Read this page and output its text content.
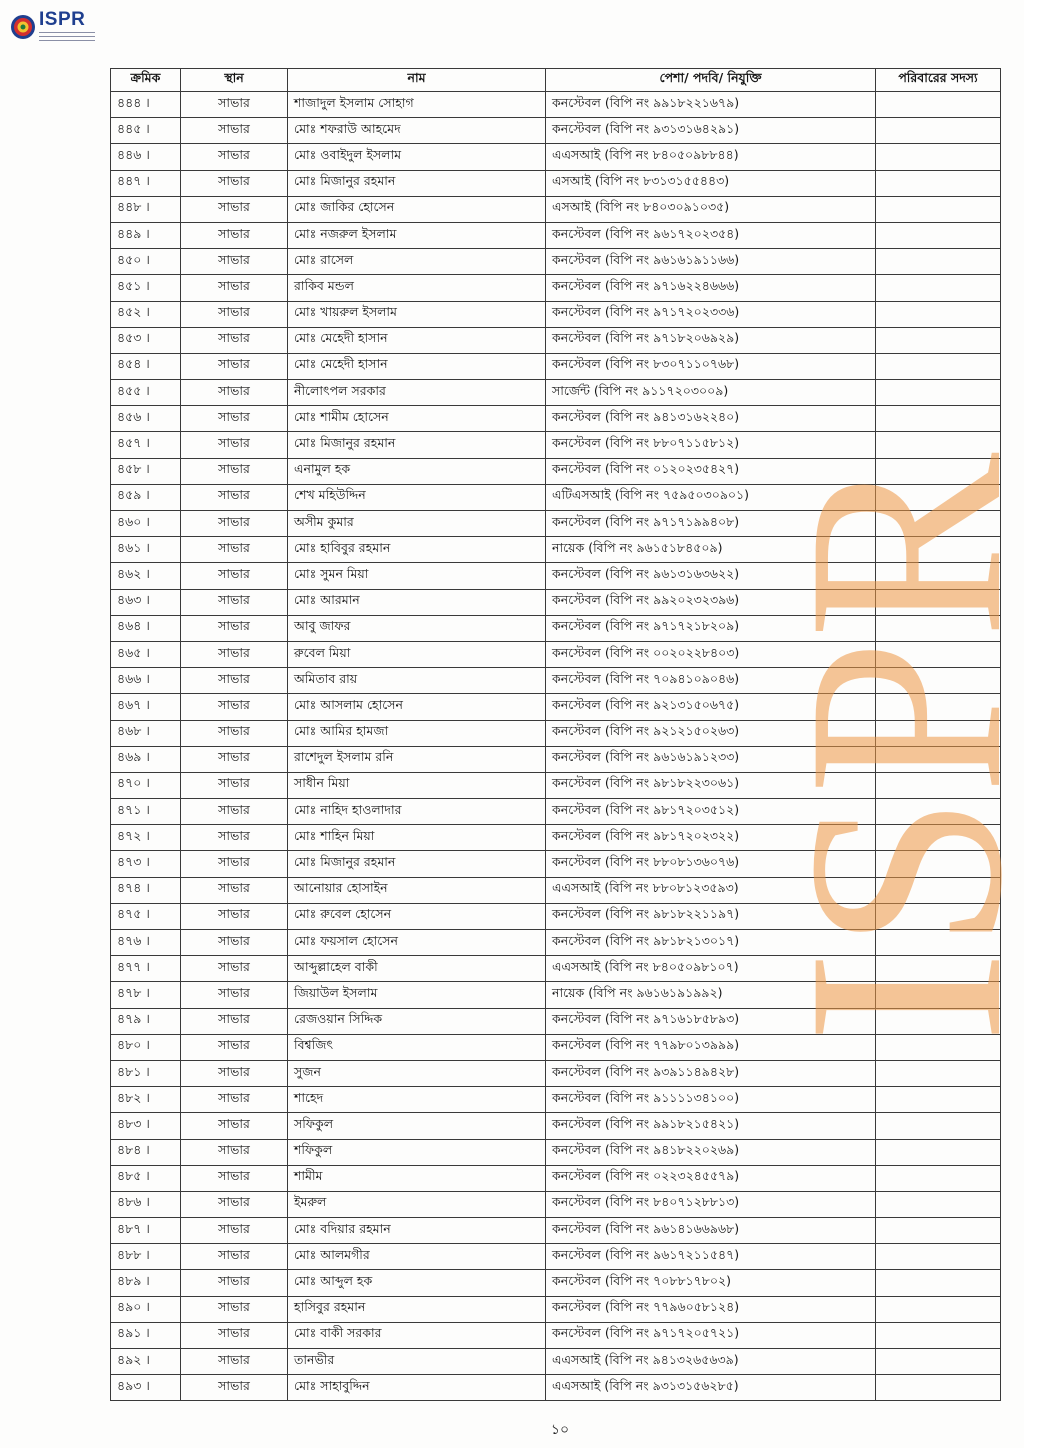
ISPR
ক্রমিক	স্থান	নাম	পেশা/ পদবি/ নিযুক্তি	পরিবারের সদস্য
৪৪৪ ।	সাভার	শাজাদুল ইসলাম সোহাগ	কনস্টেবল (বিপি নং ৯৯১৮২২১৬৭৯)	
৪৪৫ ।	সাভার	মোঃ শফরাউ আহমেদ	কনস্টেবল (বিপি নং ৯৩১৩১৬৪২৯১)	
৪৪৬ ।	সাভার	মোঃ ওবাইদুল ইসলাম	এএসআই (বিপি নং ৮৪০৫০৯৮৮৪৪)	
৪৪৭ ।	সাভার	মোঃ মিজানুর রহমান	এসআই (বিপি নং ৮৩১৩১৫৫৪৪৩)	
৪৪৮ ।	সাভার	মোঃ জাকির হোসেন	এসআই (বিপি নং ৮৪০৩০৯১০৩৫)	
৪৪৯ ।	সাভার	মোঃ নজরুল ইসলাম	কনস্টেবল (বিপি নং ৯৬১৭২০২৩৫৪)	
৪৫০ ।	সাভার	মোঃ রাসেল	কনস্টেবল (বিপি নং ৯৬১৬১৯১১৬৬)	
৪৫১ ।	সাভার	রাকিব মন্ডল	কনস্টেবল (বিপি নং ৯৭১৬২২৪৬৬৬)	
৪৫২ ।	সাভার	মোঃ খায়রুল ইসলাম	কনস্টেবল (বিপি নং ৯৭১৭২০২৩৩৬)	
৪৫৩ ।	সাভার	মোঃ মেহেদী হাসান	কনস্টেবল (বিপি নং ৯৭১৮২০৬৯২৯)	
৪৫৪ ।	সাভার	মোঃ মেহেদী হাসান	কনস্টেবল (বিপি নং ৮৩০৭১১০৭৬৮)	
৪৫৫ ।	সাভার	নীলোৎপল সরকার	সার্জেন্ট (বিপি নং ৯১১৭২০৩০০৯)	
৪৫৬ ।	সাভার	মোঃ শামীম হোসেন	কনস্টেবল (বিপি নং ৯৪১৩১৬২২৪০)	
৪৫৭ ।	সাভার	মোঃ মিজানুর রহমান	কনস্টেবল (বিপি নং ৮৮০৭১১৫৮১২)	
৪৫৮ ।	সাভার	এনামুল হক	কনস্টেবল (বিপি নং ০১২০২৩৫৪২৭)	
৪৫৯ ।	সাভার	শেখ মহিউদ্দিন	এটিএসআই (বিপি নং ৭৫৯৫০৩০৯০১)	
৪৬০ ।	সাভার	অসীম কুমার	কনস্টেবল (বিপি নং ৯৭১৭১৯৯৪০৮)	
৪৬১ ।	সাভার	মোঃ হাবিবুর রহমান	নায়েক (বিপি নং ৯৬১৫১৮৪৫০৯)	
৪৬২ ।	সাভার	মোঃ সুমন মিয়া	কনস্টেবল (বিপি নং ৯৬১৩১৬৩৬২২)	
৪৬৩ ।	সাভার	মোঃ আরমান	কনস্টেবল (বিপি নং ৯৯২০২৩২৩৯৬)	
৪৬৪ ।	সাভার	আবু জাফর	কনস্টেবল (বিপি নং ৯৭১৭২১৮২০৯)	
৪৬৫ ।	সাভার	রুবেল মিয়া	কনস্টেবল (বিপি নং ০০২০২২৮৪০৩)	
৪৬৬ ।	সাভার	অমিতাব রায়	কনস্টেবল (বিপি নং ৭০৯৪১০৯০৪৬)	
৪৬৭ ।	সাভার	মোঃ আসলাম হোসেন	কনস্টেবল (বিপি নং ৯২১৩১৫০৬৭৫)	
৪৬৮ ।	সাভার	মোঃ আমির হামজা	কনস্টেবল (বিপি নং ৯২১২১৫০২৬৩)	
৪৬৯ ।	সাভার	রাশেদুল ইসলাম রনি	কনস্টেবল (বিপি নং ৯৬১৬১৯১২৩৩)	
৪৭০ ।	সাভার	সাধীন মিয়া	কনস্টেবল (বিপি নং ৯৮১৮২২৩০৬১)	
৪৭১ ।	সাভার	মোঃ নাহিদ হাওলাদার	কনস্টেবল (বিপি নং ৯৮১৭২০৩৫১২)	
৪৭২ ।	সাভার	মোঃ শাহিন মিয়া	কনস্টেবল (বিপি নং ৯৮১৭২০২৩২২)	
৪৭৩ ।	সাভার	মোঃ মিজানুর রহমান	কনস্টেবল (বিপি নং ৮৮০৮১৩৬০৭৬)	
৪৭৪ ।	সাভার	আনোয়ার হোসাইন	এএসআই (বিপি নং ৮৮০৮১২৩৫৯৩)	
৪৭৫ ।	সাভার	মোঃ রুবেল হোসেন	কনস্টেবল (বিপি নং ৯৮১৮২২১১৯৭)	
৪৭৬ ।	সাভার	মোঃ ফয়সাল হোসেন	কনস্টেবল (বিপি নং ৯৮১৮২১৩০১৭)	
৪৭৭ ।	সাভার	আব্দুল্লাহেল বাকী	এএসআই (বিপি নং ৮৪০৫০৯৮১০৭)	
৪৭৮ ।	সাভার	জিয়াউল ইসলাম	নায়েক (বিপি নং ৯৬১৬১৯১৯৯২)	
৪৭৯ ।	সাভার	রেজওয়ান সিদ্দিক	কনস্টেবল (বিপি নং ৯৭১৬১৮৫৮৯৩)	
৪৮০ ।	সাভার	বিশ্বজিৎ	কনস্টেবল (বিপি নং ৭৭৯৮০১৩৯৯৯)	
৪৮১ ।	সাভার	সুজন	কনস্টেবল (বিপি নং ৯৩৯১১৪৯৪২৮)	
৪৮২ ।	সাভার	শাহেদ	কনস্টেবল (বিপি নং ৯১১১১৩৪১০০)	
৪৮৩ ।	সাভার	সফিকুল	কনস্টেবল (বিপি নং ৯৯১৮২১৫৪২১)	
৪৮৪ ।	সাভার	শফিকুল	কনস্টেবল (বিপি নং ৯৪১৮২২০২৬৯)	
৪৮৫ ।	সাভার	শামীম	কনস্টেবল (বিপি নং ০২২৩২৪৫৫৭৯)	
৪৮৬ ।	সাভার	ইমরুল	কনস্টেবল (বিপি নং ৮৪০৭১২৮৮১৩)	
৪৮৭ ।	সাভার	মোঃ বদিয়ার রহমান	কনস্টেবল (বিপি নং ৯৬১৪১৬৬৯৬৮)	
৪৮৮ ।	সাভার	মোঃ আলমগীর	কনস্টেবল (বিপি নং ৯৬১৭২১১৫৪৭)	
৪৮৯ ।	সাভার	মোঃ আব্দুল হক	কনস্টেবল (বিপি নং ৭০৮৮১৭৮০২)	
৪৯০ ।	সাভার	হাসিবুর রহমান	কনস্টেবল (বিপি নং ৭৭৯৬০৫৮১২৪)	
৪৯১ ।	সাভার	মোঃ বাকী সরকার	কনস্টেবল (বিপি নং ৯৭১৭২০৫৭২১)	
৪৯২ ।	সাভার	তানভীর	এএসআই (বিপি নং ৯৪১৩২৬৫৬৩৯)	
৪৯৩ ।	সাভার	মোঃ সাহাবুদ্দিন	এএসআই (বিপি নং ৯৩১৩১৫৬২৮৫)	
ISPR
১০
